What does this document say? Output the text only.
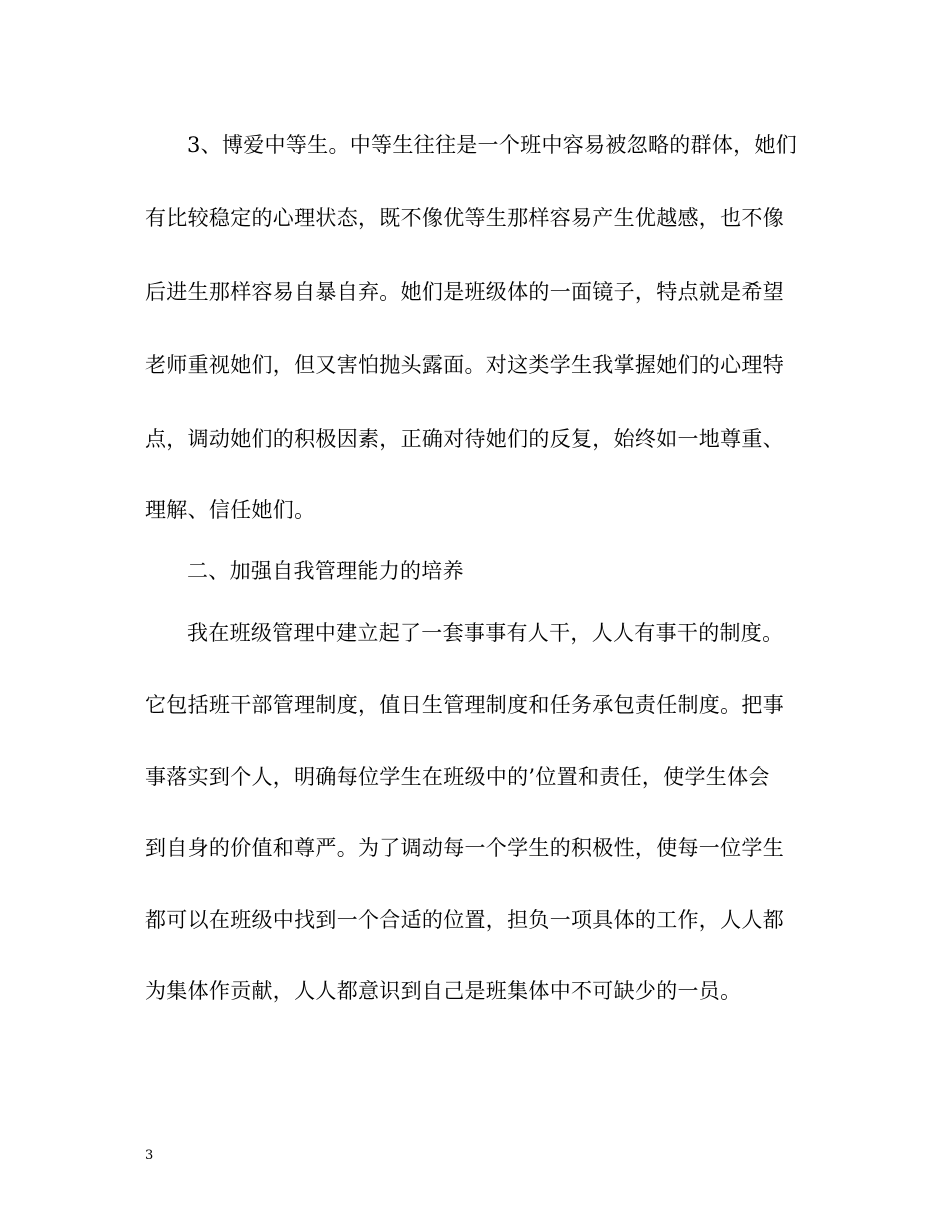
3、博爱中等生。中等生往往是一个班中容易被忽略的群体，她们
有比较稳定的心理状态，既不像优等生那样容易产生优越感，也不像
后进生那样容易自暴自弃。她们是班级体的一面镜子，特点就是希望
老师重视她们，但又害怕抛头露面。对这类学生我掌握她们的心理特
点，调动她们的积极因素，正确对待她们的反复，始终如一地尊重、
理解、信任她们。
二、加强自我管理能力的培养
我在班级管理中建立起了一套事事有人干，人人有事干的制度。
它包括班干部管理制度，值日生管理制度和任务承包责任制度。把事
事落实到个人，明确每位学生在班级中的’位置和责任，使学生体会
到自身的价值和尊严。为了调动每一个学生的积极性，使每一位学生
都可以在班级中找到一个合适的位置，担负一项具体的工作，人人都
为集体作贡献，人人都意识到自己是班集体中不可缺少的一员。
3
